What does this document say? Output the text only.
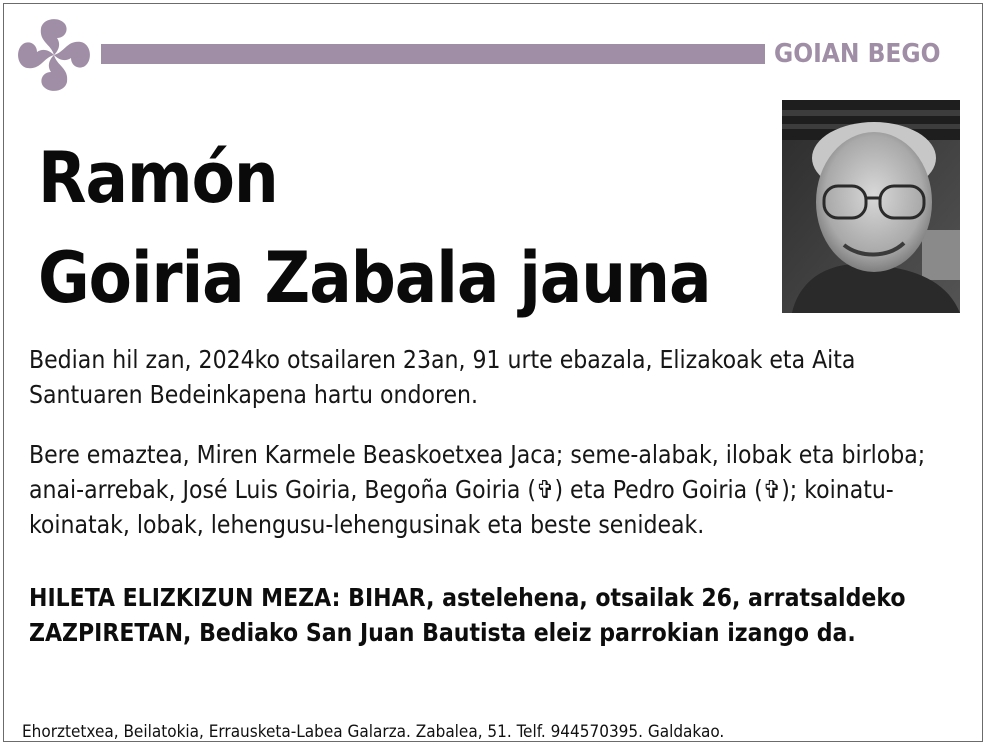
GOIAN BEGO
Ramón
Goiria Zabala jauna
Bedian hil zan, 2024ko otsailaren 23an, 91 urte ebazala, Elizakoak eta Aita Santuaren Bedeinkapena hartu ondoren.
Bere emaztea, Miren Karmele Beaskoetxea Jaca; seme-alabak, ilobak eta birloba; anai-arrebak, José Luis Goiria, Begoña Goiria (✞) eta Pedro Goiria (✞); koinatu-koinatak, lobak, lehengusu-lehengusinak eta beste senideak.
HILETA ELIZKIZUN MEZA: BIHAR, astelehena, otsailak 26, arratsaldeko ZAZPIRETAN, Bediako San Juan Bautista eleiz parrokian izango da.
Ehorztetxea, Beilatokia, Errausketa-Labea Galarza. Zabalea, 51. Telf. 944570395. Galdakao.
